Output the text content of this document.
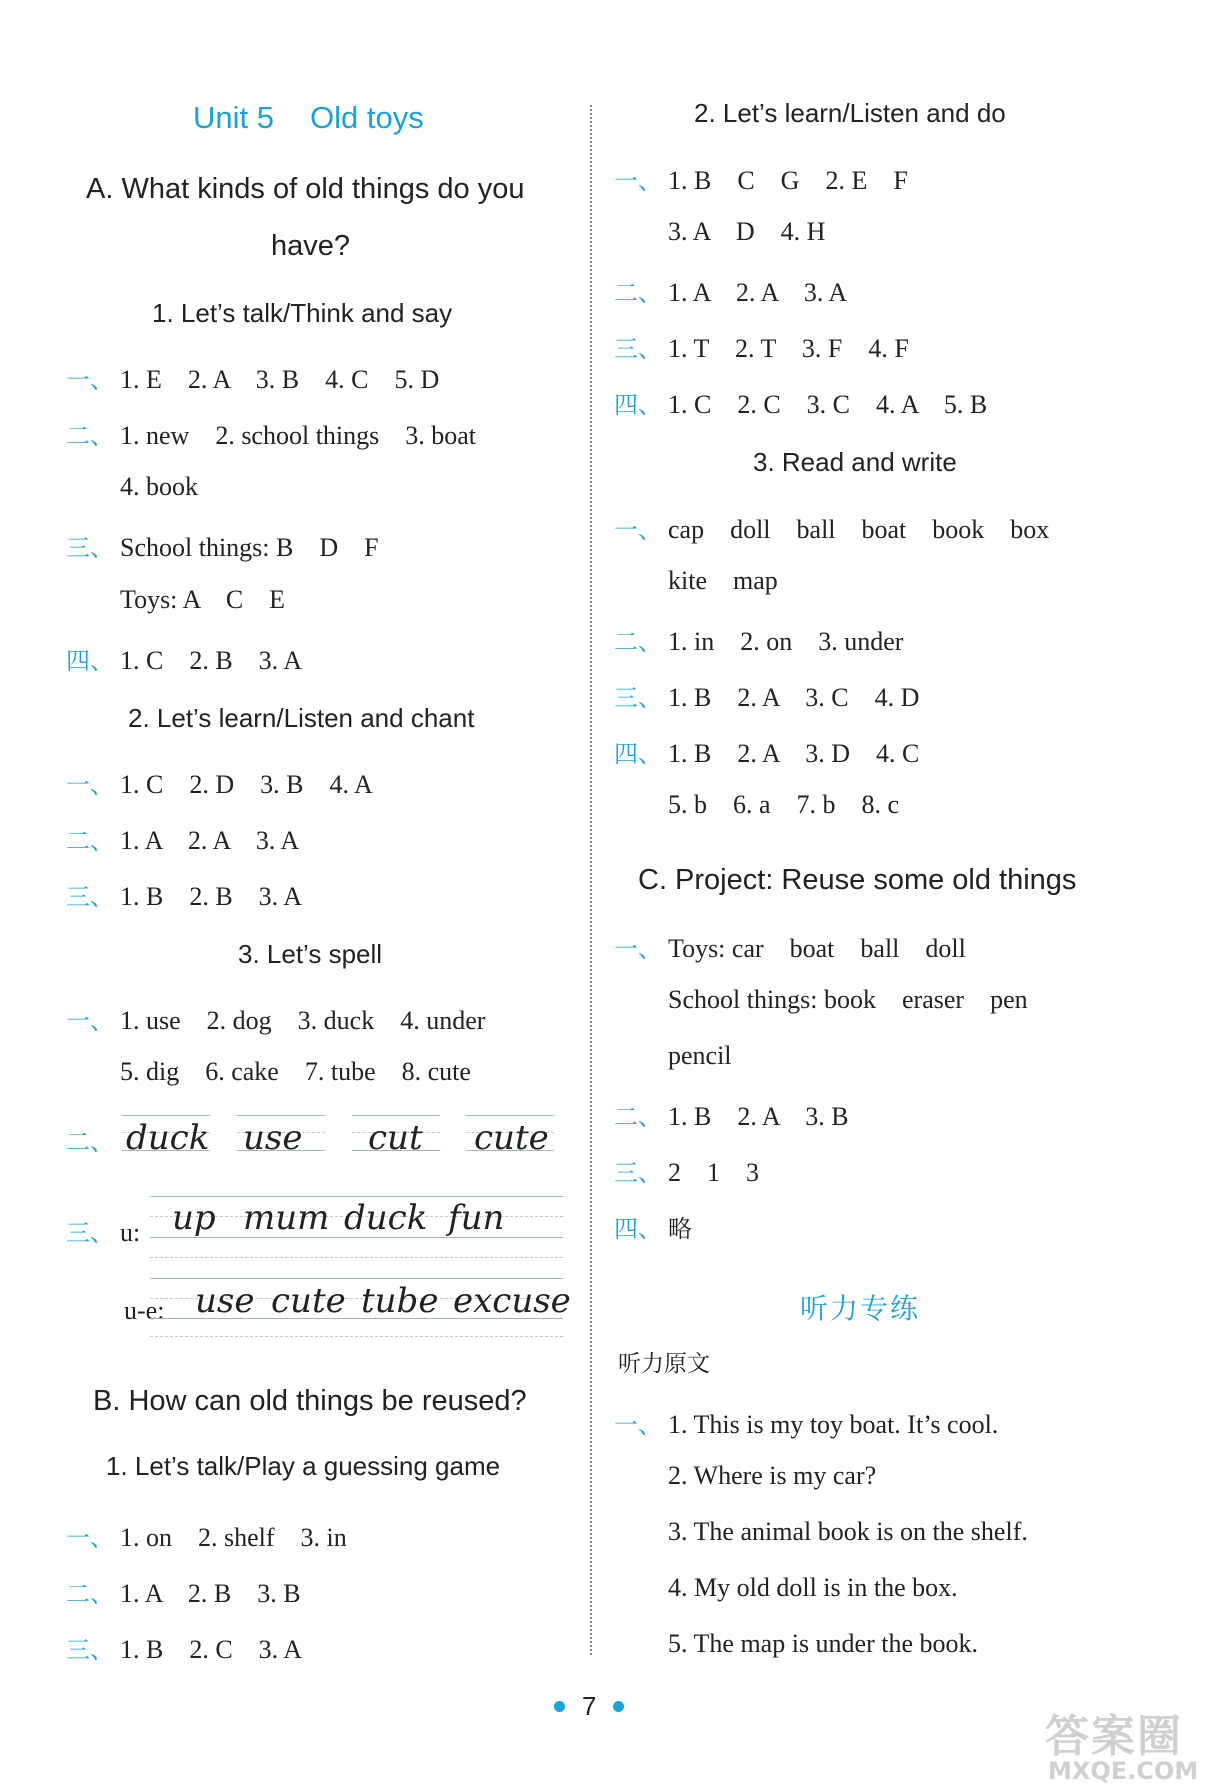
Unit 5 Old toys
A. What kinds of old things do you
have?
1. Let’s talk/Think and say
一、 1. E    2. A    3. B    4. C    5. D
二、 1. new    2. school things    3. boat
4. book
三、 School things: B    D    F
Toys: A    C    E
四、 1. C    2. B    3. A
2. Let’s learn/Listen and chant
一、 1. C    2. D    3. B    4. A
二、 1. A    2. A    3. A
三、 1. B    2. B    3. A
3. Let’s spell
一、 1. use    2. dog    3. duck    4. under
5. dig    6. cake    7. tube    8. cute
二、 duck use cut cute
三、 u: up mum duck fun
u-e: use cute tube excuse
B. How can old things be reused?
1. Let’s talk/Play a guessing game
一、 1. on    2. shelf    3. in
二、 1. A    2. B    3. B
三、 1. B    2. C    3. A
2. Let’s learn/Listen and do
一、 1. B    C    G    2. E    F
3. A    D    4. H
二、 1. A    2. A    3. A
三、 1. T    2. T    3. F    4. F
四、 1. C    2. C    3. C    4. A    5. B
3. Read and write
一、 cap    doll    ball    boat    book    box
kite    map
二、 1. in    2. on    3. under
三、 1. B    2. A    3. C    4. D
四、 1. B    2. A    3. D    4. C
5. b    6. a    7. b    8. c
C. Project: Reuse some old things
一、 Toys: car    boat    ball    doll
School things: book    eraser    pen
pencil
二、 1. B    2. A    3. B
三、 2    1    3
四、 略
听力专练
听力原文
一、 1. This is my toy boat. It’s cool.
2. Where is my car?
3. The animal book is on the shelf.
4. My old doll is in the box.
5. The map is under the book.
7
答案圈
MXQE.COM
